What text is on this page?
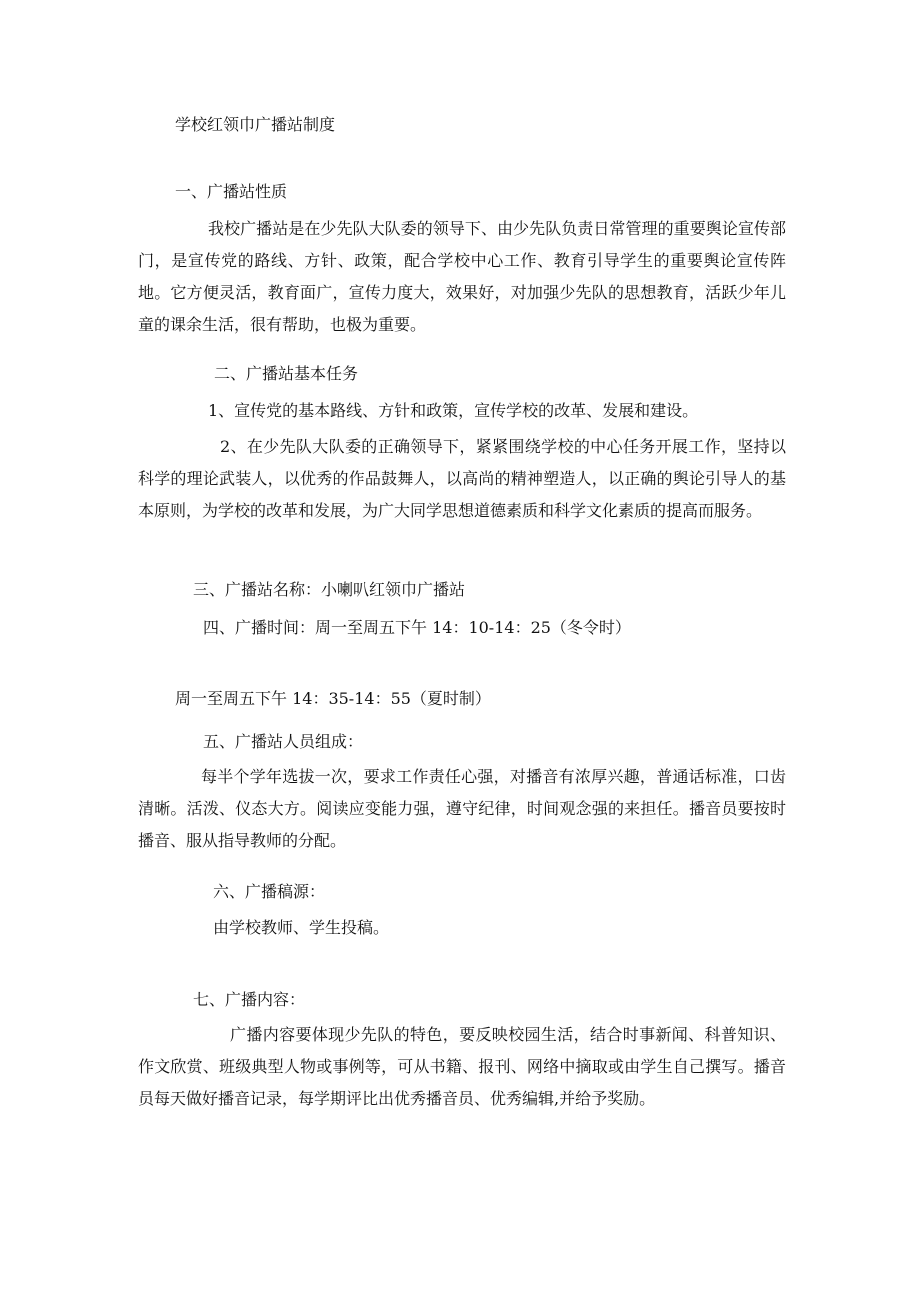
学校红领巾广播站制度

一、广播站性质

我校广播站是在少先队大队委的领导下、由少先队负责日常管理的重要舆论宣传部门，是宣传党的路线、方针、政策，配合学校中心工作、教育引导学生的重要舆论宣传阵地。它方便灵活，教育面广，宣传力度大，效果好，对加强少先队的思想教育，活跃少年儿童的课余生活，很有帮助，也极为重要。

二、广播站基本任务

1、宣传党的基本路线、方针和政策，宣传学校的改革、发展和建设。

2、在少先队大队委的正确领导下，紧紧围绕学校的中心任务开展工作，坚持以科学的理论武装人，以优秀的作品鼓舞人，以高尚的精神塑造人，以正确的舆论引导人的基本原则，为学校的改革和发展，为广大同学思想道德素质和科学文化素质的提高而服务。

三、广播站名称：小喇叭红领巾广播站

四、广播时间：周一至周五下午 14：10-14：25（冬令时）

周一至周五下午 14：35-14：55（夏时制）

五、广播站人员组成：

每半个学年选拔一次，要求工作责任心强，对播音有浓厚兴趣，普通话标准，口齿清晰。活泼、仪态大方。阅读应变能力强，遵守纪律，时间观念强的来担任。播音员要按时播音、服从指导教师的分配。

六、广播稿源：

由学校教师、学生投稿。

七、广播内容：

广播内容要体现少先队的特色，要反映校园生活，结合时事新闻、科普知识、作文欣赏、班级典型人物或事例等，可从书籍、报刊、网络中摘取或由学生自己撰写。播音员每天做好播音记录，每学期评比出优秀播音员、优秀编辑,并给予奖励。
